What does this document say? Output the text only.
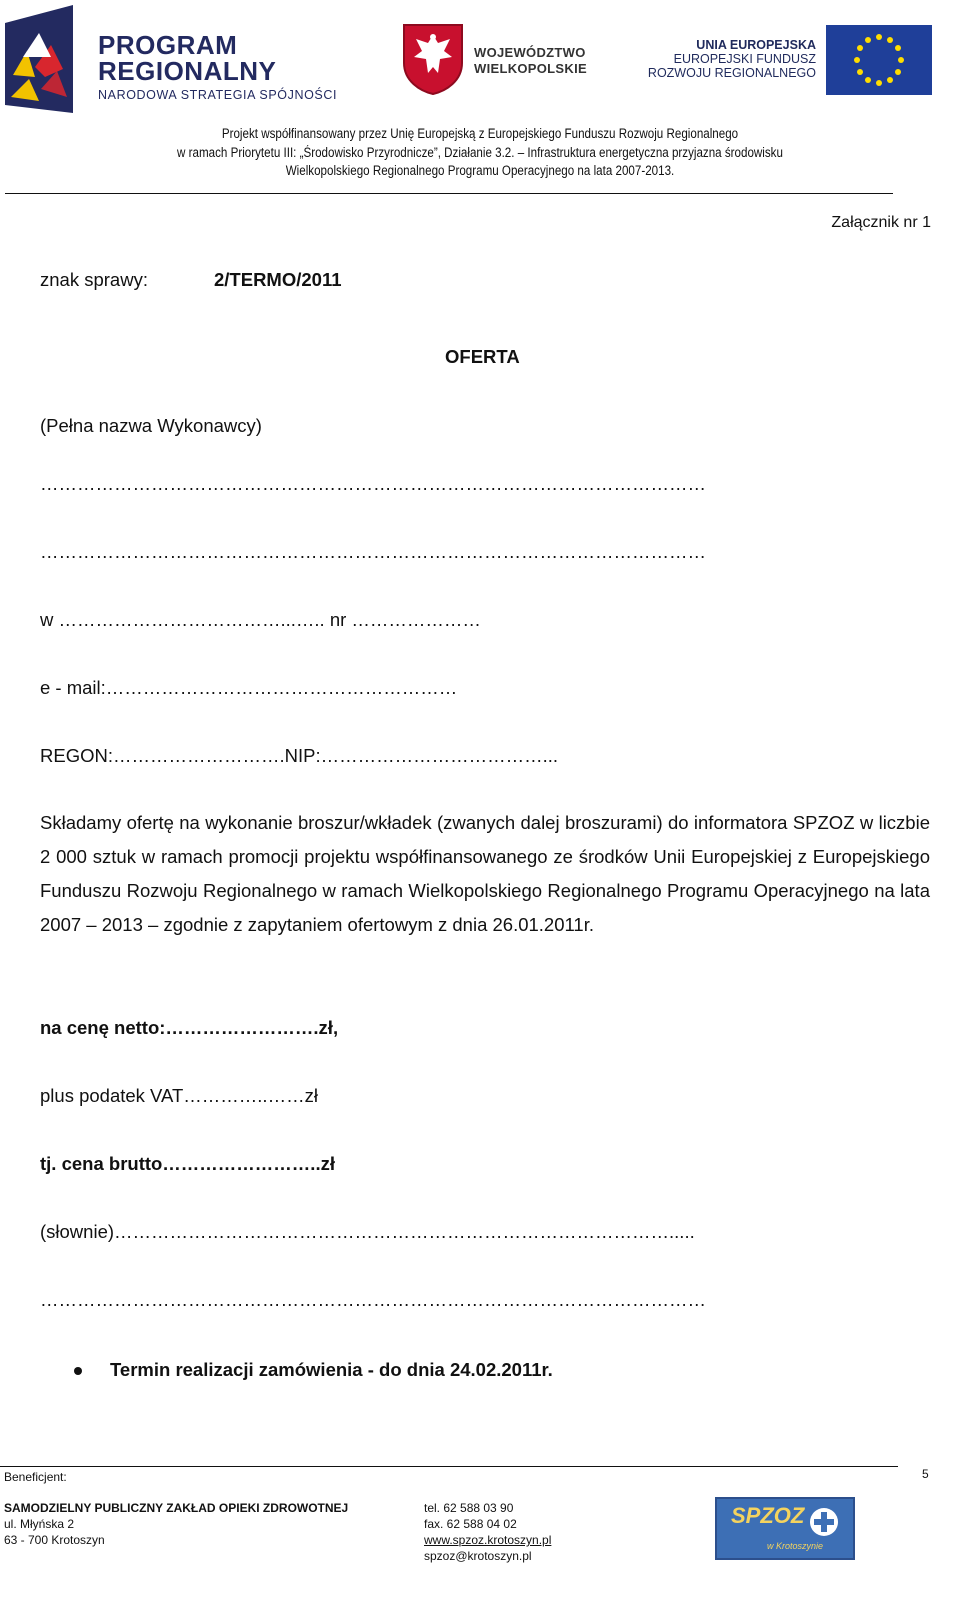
PROGRAM
REGIONALNY
NARODOWA STRATEGIA SPÓJNOŚCI
WOJEWÓDZTWO
WIELKOPOLSKIE
UNIA EUROPEJSKA
EUROPEJSKI FUNDUSZ
ROZWOJU REGIONALNEGO
Projekt współfinansowany przez Unię Europejską z Europejskiego Funduszu Rozwoju Regionalnego
w ramach Priorytetu III: „Środowisko Przyrodnicze”, Działanie 3.2. – Infrastruktura energetyczna przyjazna środowisku
Wielkopolskiego Regionalnego Programu Operacyjnego na lata 2007-2013.
Załącznik nr 1
znak sprawy:	2/TERMO/2011
OFERTA
(Pełna nazwa Wykonawcy)
………………………………………………………………………………………………
………………………………………………………………………………………………
w ………………………………...….. nr …………………
e - mail:…………………………………………………
REGON:……………………….NIP:………………………………...
Składamy ofertę na wykonanie broszur/wkładek (zwanych dalej broszurami) do informatora SPZOZ w liczbie 2 000 sztuk w ramach promocji projektu współfinansowanego ze środków Unii Europejskiej z Europejskiego Funduszu Rozwoju Regionalnego w ramach Wielkopolskiego Regionalnego Programu Operacyjnego na lata 2007 – 2013 – zgodnie z zapytaniem ofertowym z dnia 26.01.2011r.
na cenę netto:…………………….zł,
plus podatek VAT…………..……zł
tj. cena brutto……………………..zł
(słownie)……………………………………………………………………………….....
………………………………………………………………………………………………
Termin realizacji zamówienia - do dnia 24.02.2011r.
Beneficjent:	5
SAMODZIELNY PUBLICZNY ZAKŁAD OPIEKI ZDROWOTNEJ
ul. Młyńska 2
63 - 700 Krotoszyn
tel. 62 588 03 90
fax. 62 588 04 02
www.spzoz.krotoszyn.pl
spzoz@krotoszyn.pl
SPZOZ
w Krotoszynie
